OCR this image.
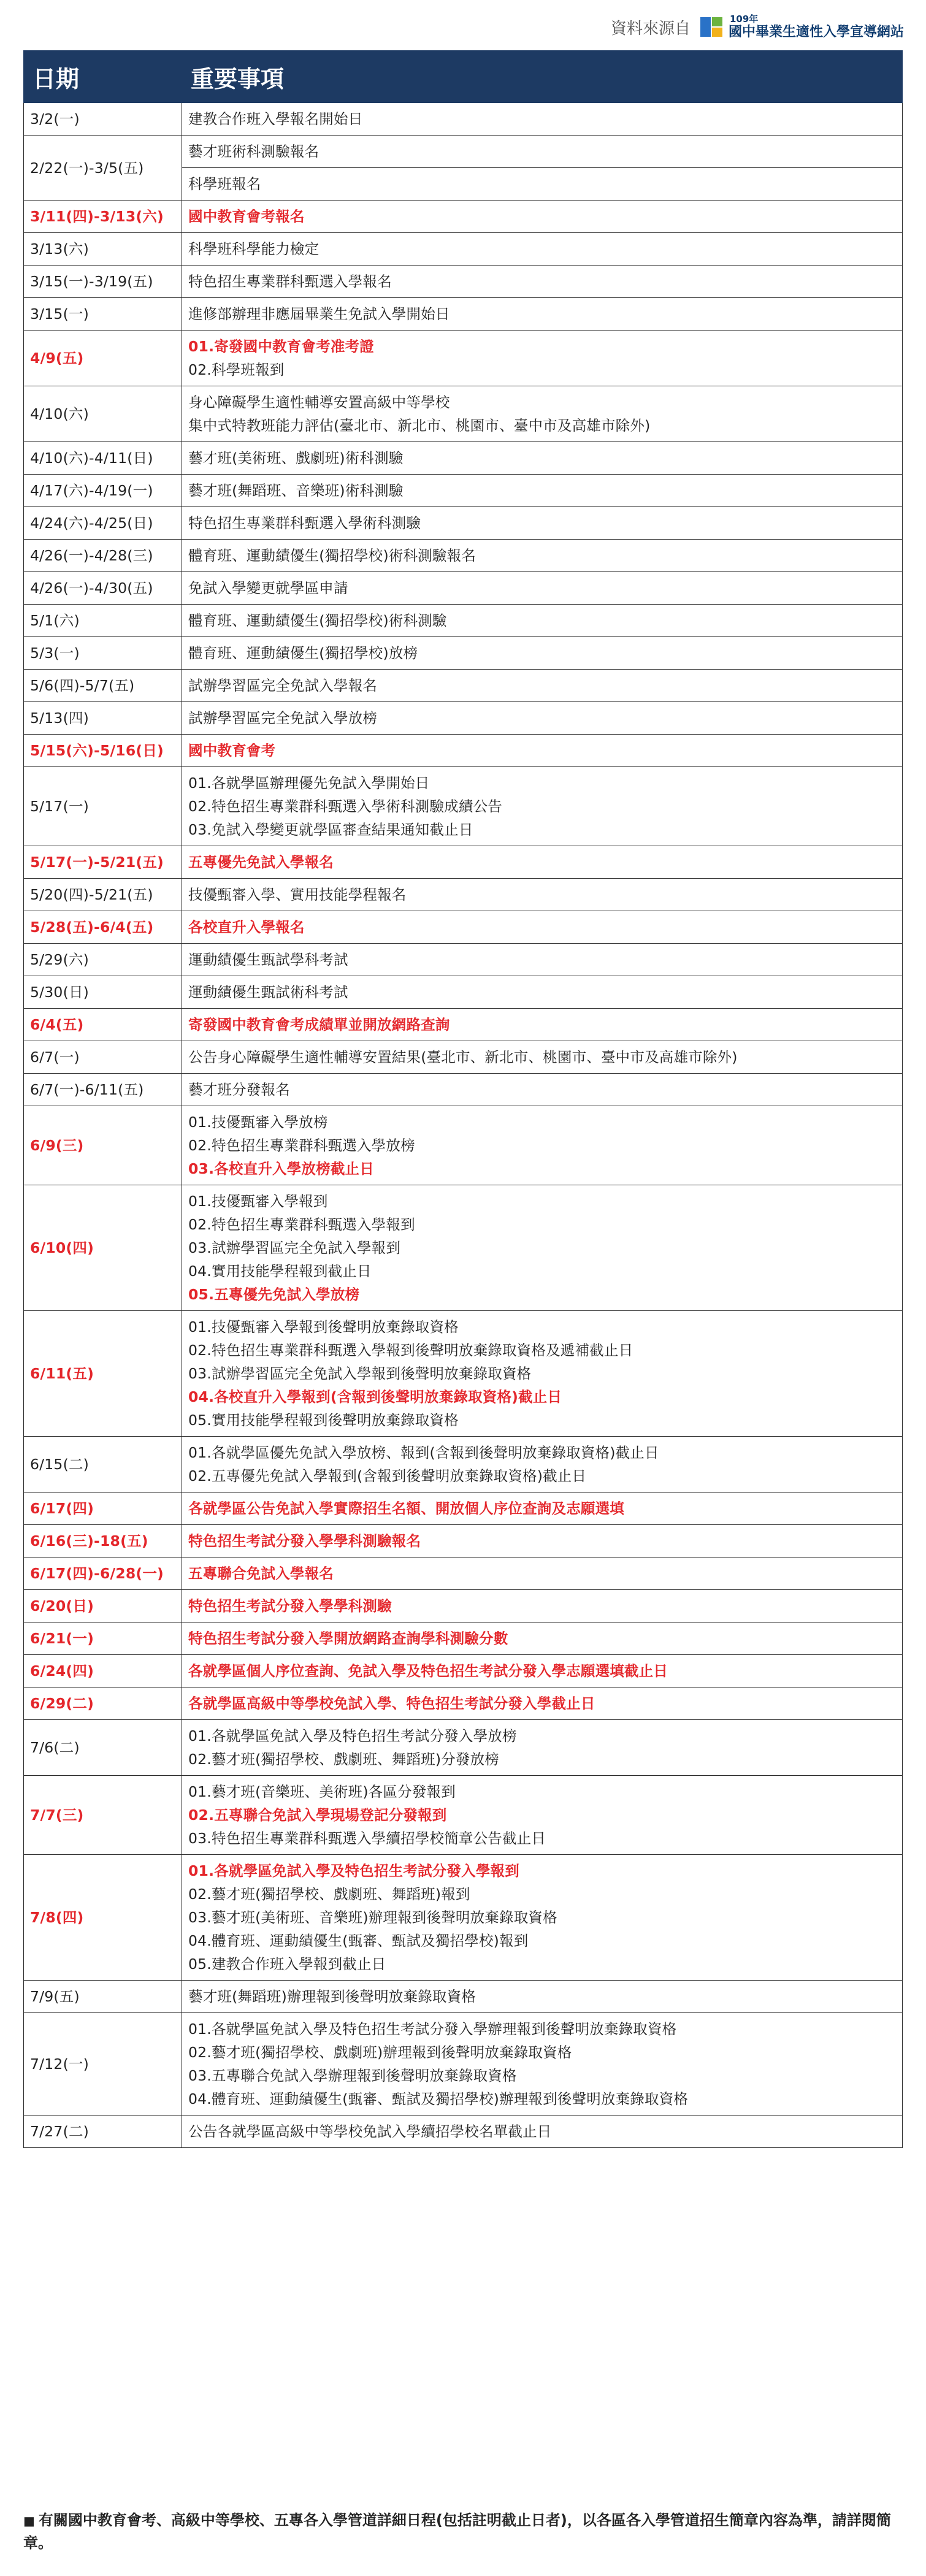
資料來源自
109年
國中畢業生適性入學宣導網站
日期	重要事項
3/2(一)	建教合作班入學報名開始日

2/22(一)-3/5(五)	藝才班術科測驗報名

	科學班報名

3/11(四)-3/13(六)	國中教育會考報名

3/13(六)	科學班科學能力檢定

3/15(一)-3/19(五)	特色招生專業群科甄選入學報名

3/15(一)	進修部辦理非應屆畢業生免試入學開始日

4/9(五)	01.寄發國中教育會考准考證
02.科學班報到

4/10(六)	身心障礙學生適性輔導安置高級中等學校
集中式特教班能力評估(臺北市、新北市、桃園市、臺中市及高雄市除外)

4/10(六)-4/11(日)	藝才班(美術班、戲劇班)術科測驗

4/17(六)-4/19(一)	藝才班(舞蹈班、音樂班)術科測驗

4/24(六)-4/25(日)	特色招生專業群科甄選入學術科測驗

4/26(一)-4/28(三)	體育班、運動績優生(獨招學校)術科測驗報名

4/26(一)-4/30(五)	免試入學變更就學區申請

5/1(六)	體育班、運動績優生(獨招學校)術科測驗

5/3(一)	體育班、運動績優生(獨招學校)放榜

5/6(四)-5/7(五)	試辦學習區完全免試入學報名

5/13(四)	試辦學習區完全免試入學放榜

5/15(六)-5/16(日)	國中教育會考

5/17(一)	01.各就學區辦理優先免試入學開始日
02.特色招生專業群科甄選入學術科測驗成績公告
03.免試入學變更就學區審查結果通知截止日

5/17(一)-5/21(五)	五專優先免試入學報名

5/20(四)-5/21(五)	技優甄審入學、實用技能學程報名

5/28(五)-6/4(五)	各校直升入學報名

5/29(六)	運動績優生甄試學科考試

5/30(日)	運動績優生甄試術科考試

6/4(五)	寄發國中教育會考成績單並開放網路查詢

6/7(一)	公告身心障礙學生適性輔導安置結果(臺北市、新北市、桃園市、臺中市及高雄市除外)

6/7(一)-6/11(五)	藝才班分發報名

6/9(三)	01.技優甄審入學放榜
02.特色招生專業群科甄選入學放榜
03.各校直升入學放榜截止日

6/10(四)	01.技優甄審入學報到
02.特色招生專業群科甄選入學報到
03.試辦學習區完全免試入學報到
04.實用技能學程報到截止日
05.五專優先免試入學放榜

6/11(五)	01.技優甄審入學報到後聲明放棄錄取資格
02.特色招生專業群科甄選入學報到後聲明放棄錄取資格及遞補截止日
03.試辦學習區完全免試入學報到後聲明放棄錄取資格
04.各校直升入學報到(含報到後聲明放棄錄取資格)截止日
05.實用技能學程報到後聲明放棄錄取資格

6/15(二)	01.各就學區優先免試入學放榜、報到(含報到後聲明放棄錄取資格)截止日
02.五專優先免試入學報到(含報到後聲明放棄錄取資格)截止日

6/17(四)	各就學區公告免試入學實際招生名額、開放個人序位查詢及志願選填

6/16(三)-18(五)	特色招生考試分發入學學科測驗報名

6/17(四)-6/28(一)	五專聯合免試入學報名

6/20(日)	特色招生考試分發入學學科測驗

6/21(一)	特色招生考試分發入學開放網路查詢學科測驗分數

6/24(四)	各就學區個人序位查詢、免試入學及特色招生考試分發入學志願選填截止日

6/29(二)	各就學區高級中等學校免試入學、特色招生考試分發入學截止日

7/6(二)	01.各就學區免試入學及特色招生考試分發入學放榜
02.藝才班(獨招學校、戲劇班、舞蹈班)分發放榜

7/7(三)	01.藝才班(音樂班、美術班)各區分發報到
02.五專聯合免試入學現場登記分發報到
03.特色招生專業群科甄選入學續招學校簡章公告截止日

7/8(四)	01.各就學區免試入學及特色招生考試分發入學報到
02.藝才班(獨招學校、戲劇班、舞蹈班)報到
03.藝才班(美術班、音樂班)辦理報到後聲明放棄錄取資格
04.體育班、運動績優生(甄審、甄試及獨招學校)報到
05.建教合作班入學報到截止日

7/9(五)	藝才班(舞蹈班)辦理報到後聲明放棄錄取資格

7/12(一)	01.各就學區免試入學及特色招生考試分發入學辦理報到後聲明放棄錄取資格
02.藝才班(獨招學校、戲劇班)辦理報到後聲明放棄錄取資格
03.五專聯合免試入學辦理報到後聲明放棄錄取資格
04.體育班、運動績優生(甄審、甄試及獨招學校)辦理報到後聲明放棄錄取資格

7/27(二)	公告各就學區高級中等學校免試入學續招學校名單截止日
■ 有關國中教育會考、高級中等學校、五專各入學管道詳細日程(包括註明截止日者)，以各區各入學管道招生簡章內容為準，請詳閱簡章。
